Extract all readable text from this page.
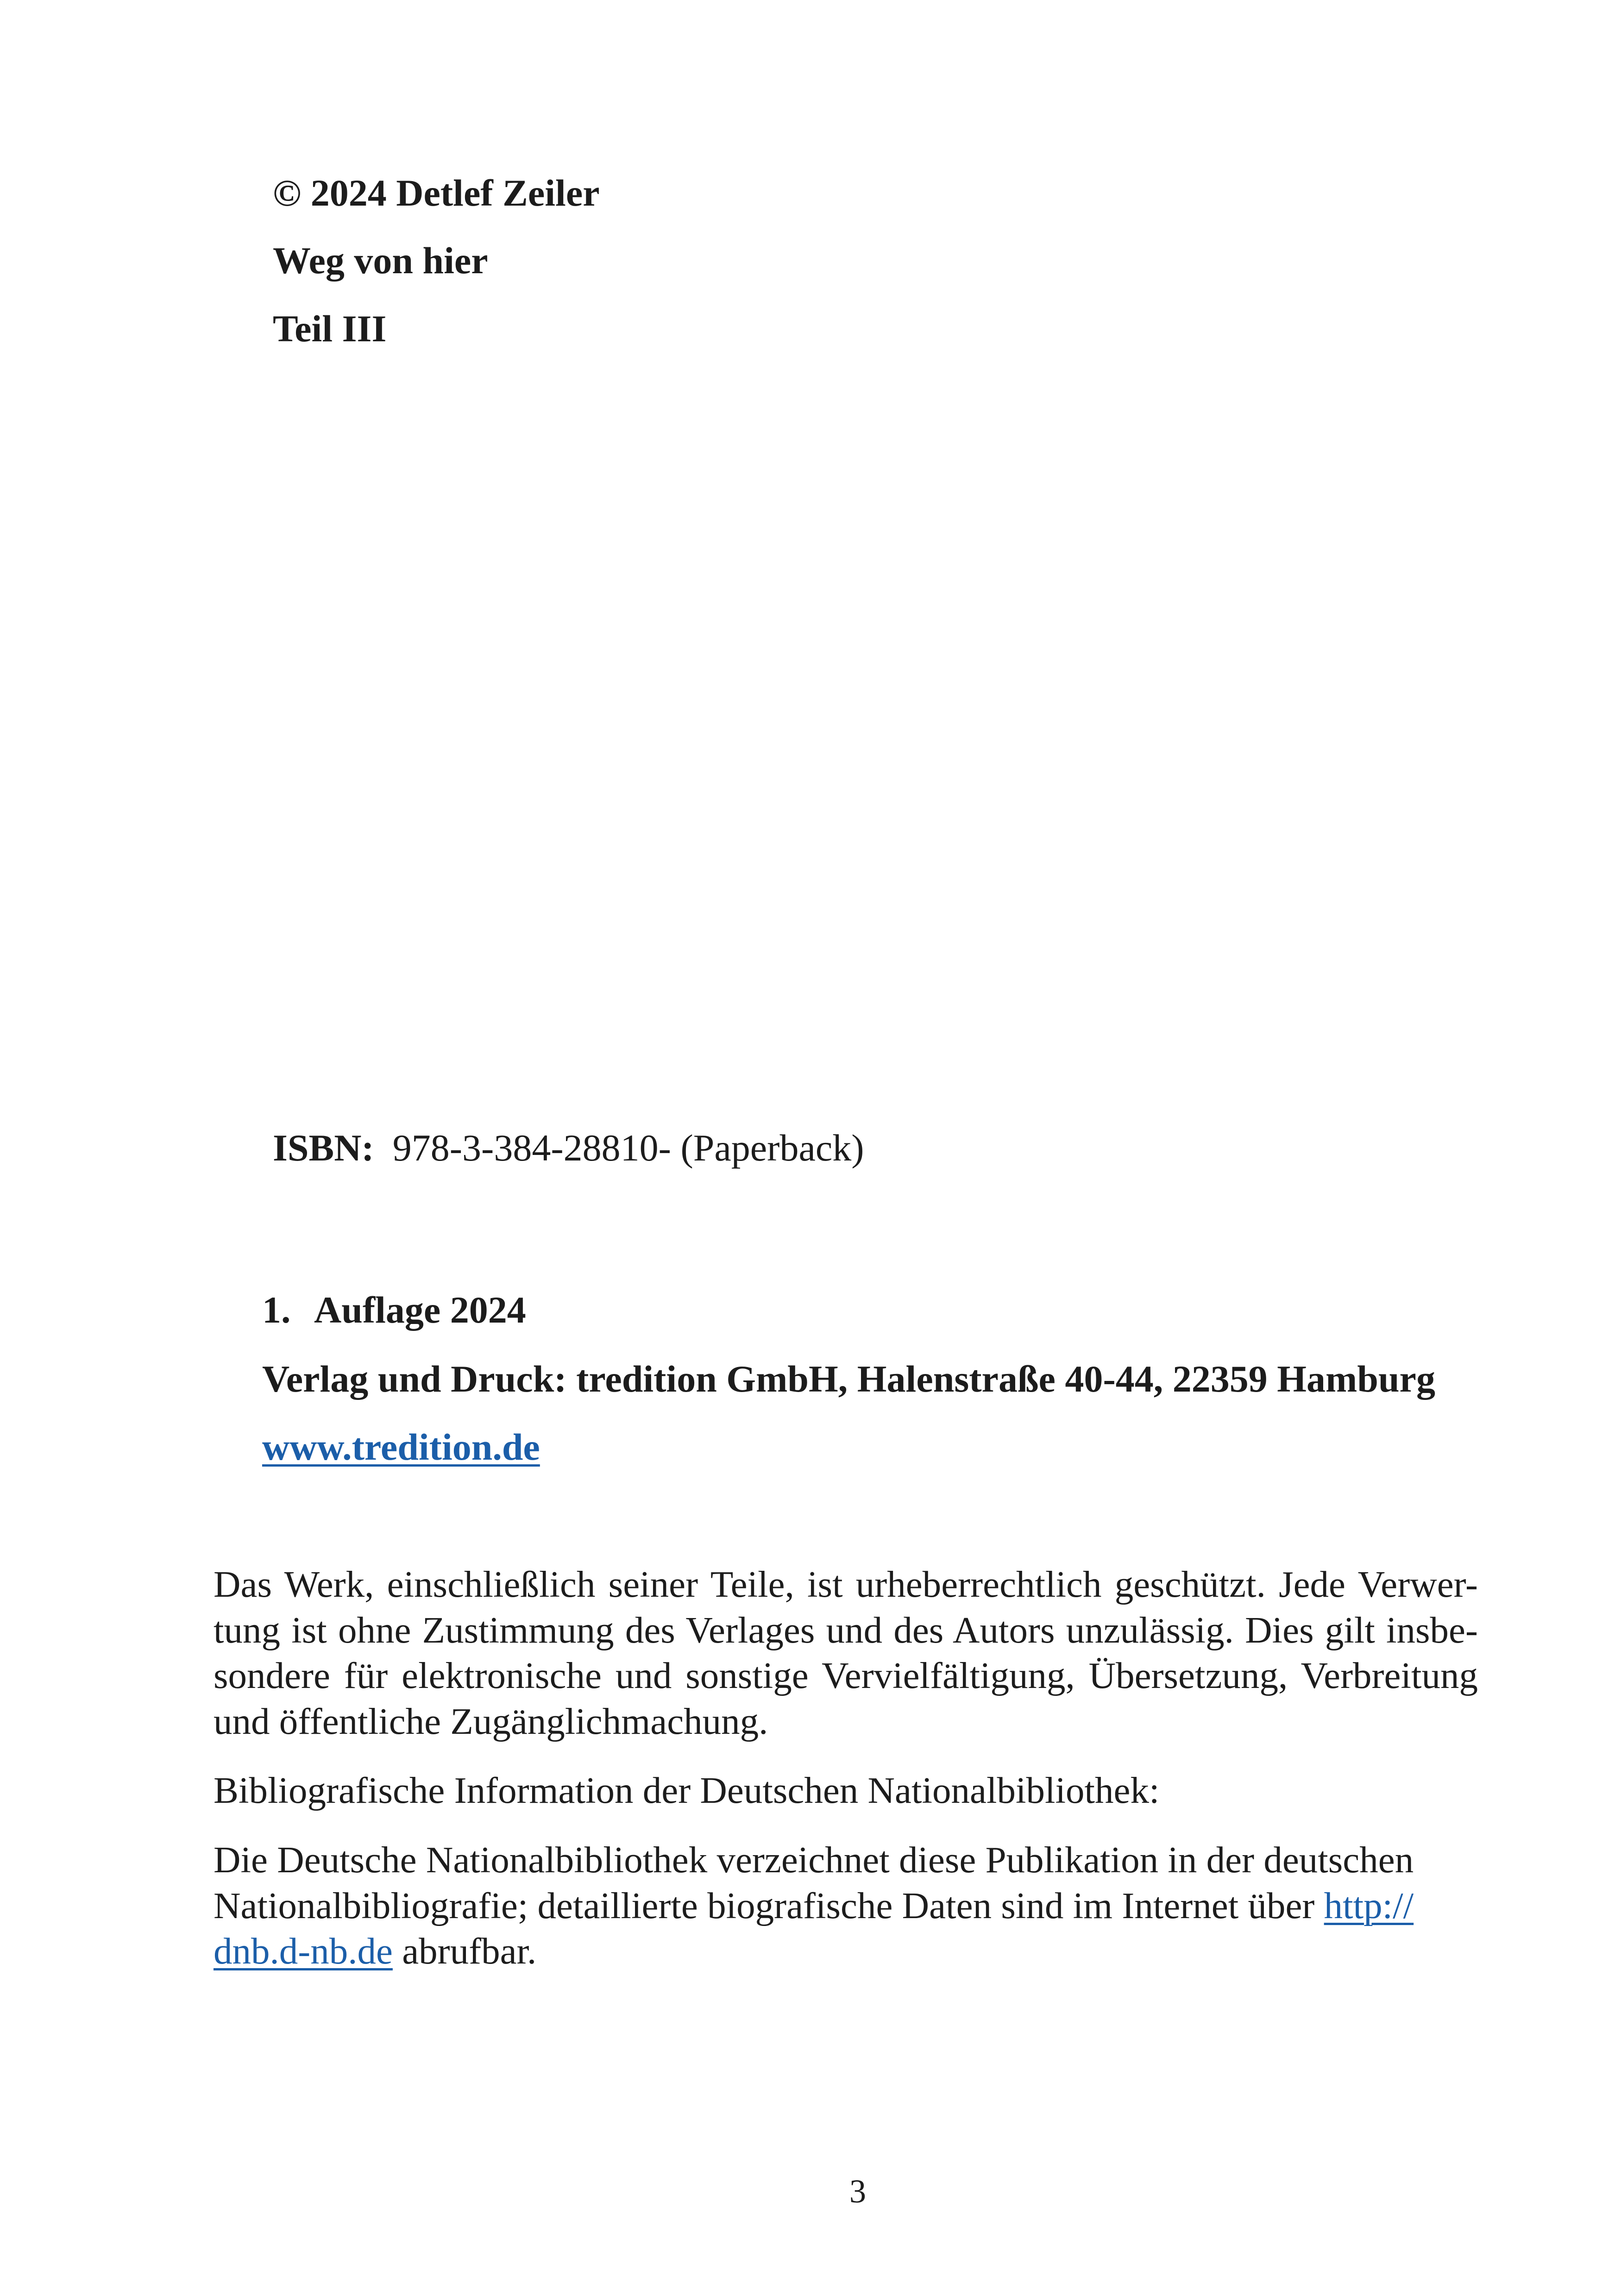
© 2024 Detlef Zeiler
Weg von hier
Teil III
ISBN: 978-3-384-28810- (Paperback)
1. Auflage 2024
Verlag und Druck: tredition GmbH, Halenstraße 40-44, 22359 Hamburg
www.tredition.de
Das Werk, einschließlich seiner Teile, ist urheberrechtlich geschützt. Jede Verwer-
tung ist ohne Zustimmung des Verlages und des Autors unzulässig. Dies gilt insbe-
sondere für elektronische und sonstige Vervielfältigung, Übersetzung, Verbreitung
und öffentliche Zugänglichmachung.
Bibliografische Information der Deutschen Nationalbibliothek:
Die Deutsche Nationalbibliothek verzeichnet diese Publikation in der deutschen
Nationalbibliografie; detaillierte biografische Daten sind im Internet über http://
dnb.d-nb.de abrufbar.
3
